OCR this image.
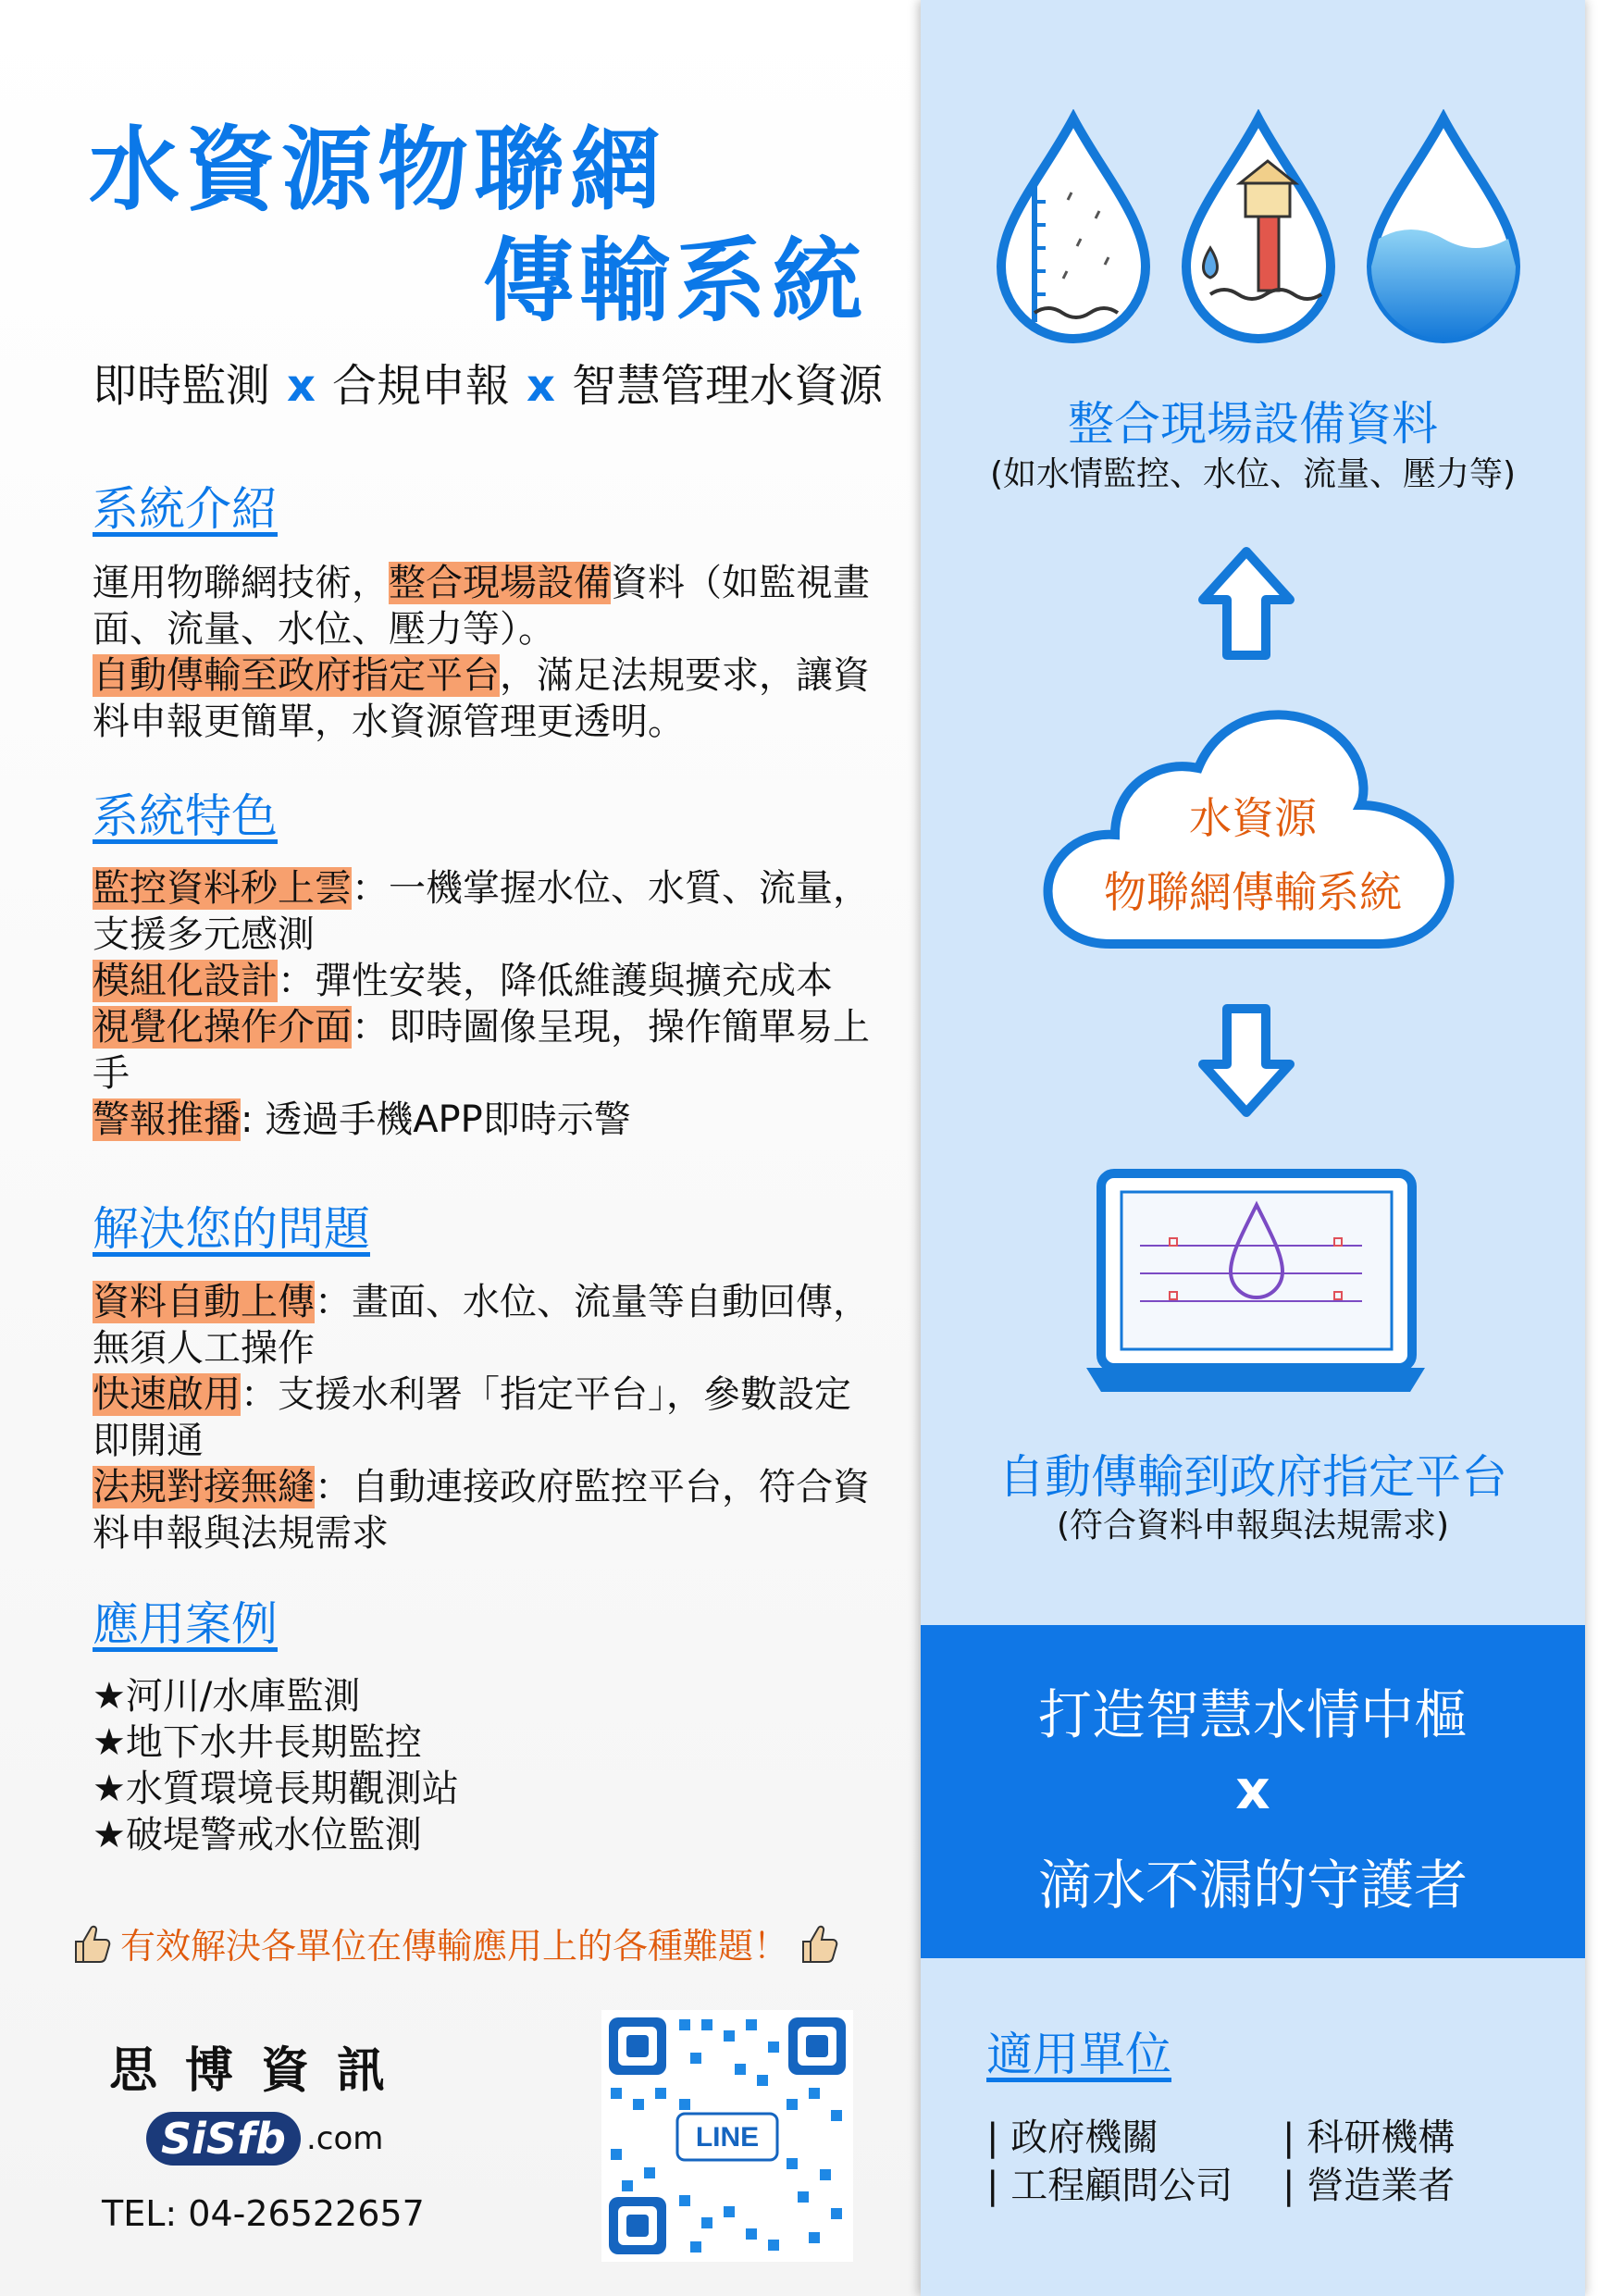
水資源物聯網
傳輸系統
即時監測 x 合規申報 x 智慧管理水資源
系統介紹
運用物聯網技術，整合現場設備資料（如監視畫面、流量、水位、壓力等）。
自動傳輸至政府指定平台，滿足法規要求，讓資料申報更簡單，水資源管理更透明。
系統特色
監控資料秒上雲：一機掌握水位、水質、流量，支援多元感測
模組化設計：彈性安裝，降低維護與擴充成本
視覺化操作介面：即時圖像呈現，操作簡單易上手
警報推播: 透過手機APP即時示警
解決您的問題
資料自動上傳：畫面、水位、流量等自動回傳，無須人工操作
快速啟用：支援水利署「指定平台」，參數設定即開通
法規對接無縫：自動連接政府監控平台，符合資料申報與法規需求
應用案例
★河川/水庫監測
★地下水井長期監控
★水質環境長期觀測站
★破堤警戒水位監測
有效解決各單位在傳輸應用上的各種難題！
思博資訊
SiSfb .com
TEL: 04-26522657
LINE
整合現場設備資料
(如水情監控、水位、流量、壓力等)
水資源
物聯網傳輸系統
自動傳輸到政府指定平台
(符合資料申報與法規需求)
打造智慧水情中樞
x
滴水不漏的守護者
適用單位
| 政府機關	| 科研機構
| 工程顧問公司 | 營造業者
